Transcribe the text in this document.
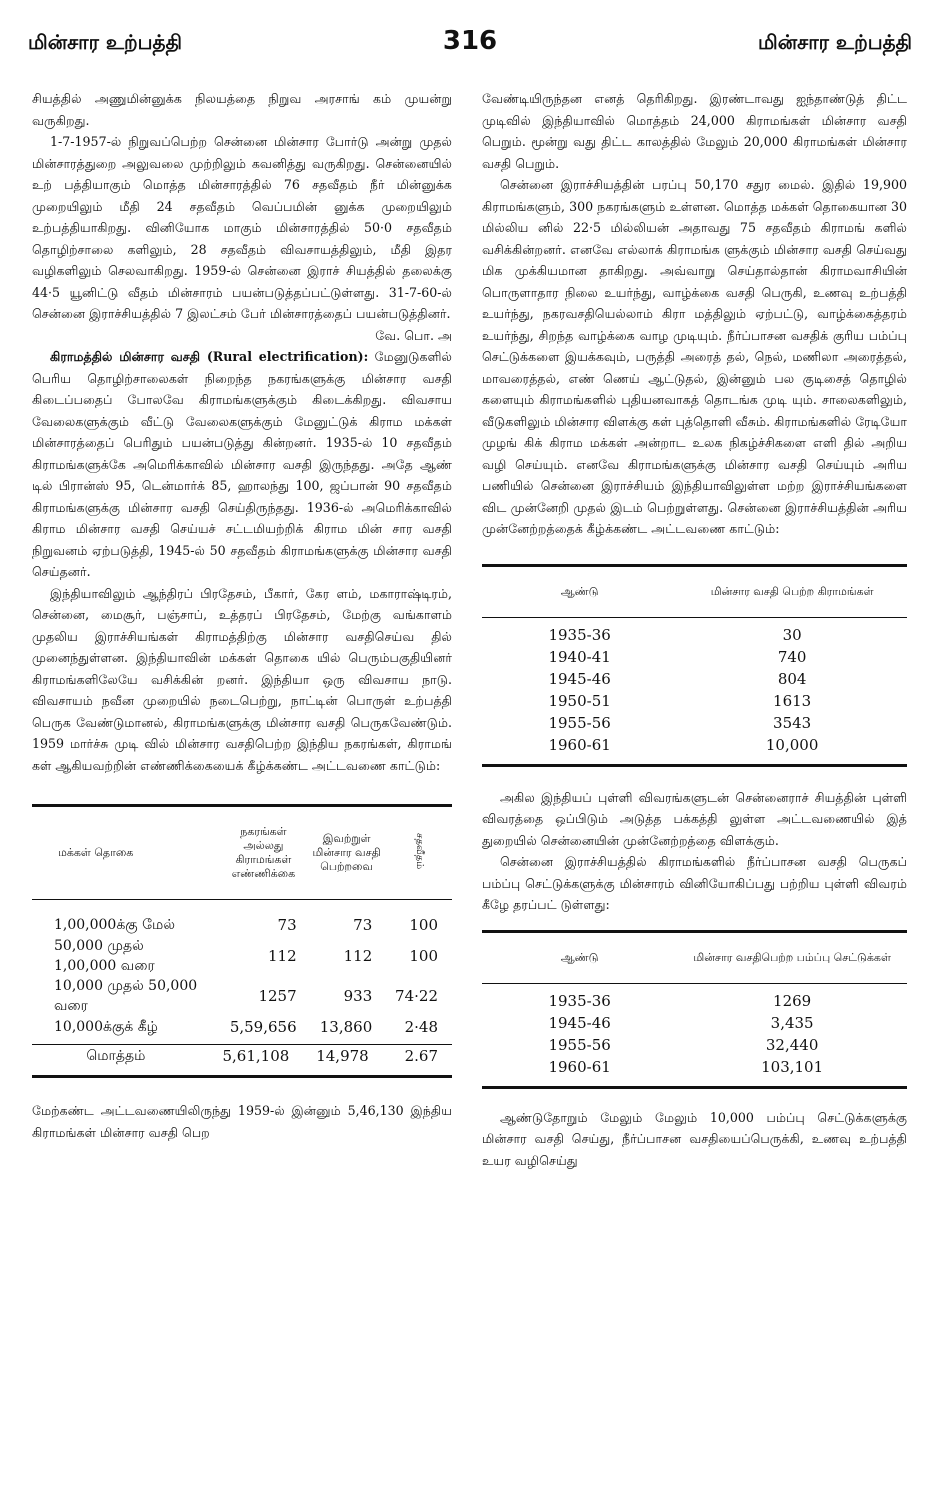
மின்சார உற்பத்தி	316	மின்சார உற்பத்தி

சியத்தில் அணுமின்னுக்க நிலயத்தை நிறுவ அரசாங் கம் முயன்று வருகிறது.

1-7-1957-ல் நிறுவப்பெற்ற சென்னை மின்சார போர்டு அன்று முதல் மின்சாரத்துறை அலுவலை முற்றிலும் கவனித்து வருகிறது. சென்னையில் உற் பத்தியாகும் மொத்த மின்சாரத்தில் 76 சதவீதம் நீர் மின்னுக்க முறையிலும் மீதி 24 சதவீதம் வெப்பமின் னுக்க முறையிலும் உற்பத்தியாகிறது. வினியோக மாகும் மின்சாரத்தில் 50·0 சதவீதம் தொழிற்சாலை களிலும், 28 சதவீதம் விவசாயத்திலும், மீதி இதர வழிகளிலும் செலவாகிறது. 1959-ல் சென்னை இராச் சியத்தில் தலைக்கு 44·5 யூனிட்டு வீதம் மின்சாரம் பயன்படுத்தப்பட்டுள்ளது. 31-7-60-ல் சென்னை இராச்சியத்தில் 7 இலட்சம் பேர் மின்சாரத்தைப் பயன்படுத்தினர்.

வே. பொ. அ

கிராமத்தில் மின்சார வசதி (Rural electrification): மேனுடுகளில் பெரிய தொழிற்சாலைகள் நிறைந்த நகரங்களுக்கு மின்சார வசதி கிடைப்பதைப் போலவே கிராமங்களுக்கும் கிடைக்கிறது. விவசாய வேலைகளுக்கும் வீட்டு வேலைகளுக்கும் மேனுட்டுக் கிராம மக்கள் மின்சாரத்தைப் பெரிதும் பயன்படுத்து கின்றனர். 1935-ல் 10 சதவீதம் கிராமங்களுக்கே அமெரிக்காவில் மின்சார வசதி இருந்தது. அதே ஆண் டில் பிரான்ஸ் 95, டென்மார்க் 85, ஹாலந்து 100, ஜப்பான் 90 சதவீதம் கிராமங்களுக்கு மின்சார வசதி செய்திருந்தது. 1936-ல் அமெரிக்காவில் கிராம மின்சார வசதி செய்யச் சட்டமியற்றிக் கிராம மின் சார வசதி நிறுவனம் ஏற்படுத்தி, 1945-ல் 50 சதவீதம் கிராமங்களுக்கு மின்சார வசதி செய்தனர்.

இந்தியாவிலும் ஆந்திரப் பிரதேசம், பீகார், கேர ளம், மகாராஷ்டிரம், சென்னை, மைசூர், பஞ்சாப், உத்தரப் பிரதேசம், மேற்கு வங்காளம் முதலிய இராச்சியங்கள் கிராமத்திற்கு மின்சார வசதிசெய்வ தில் முனைந்துள்ளன. இந்தியாவின் மக்கள் தொகை யில் பெரும்பகுதியினர் கிராமங்களிலேயே வசிக்கின் றனர். இந்தியா ஒரு விவசாய நாடு. விவசாயம் நவீன முறையில் நடைபெற்று, நாட்டின் பொருள் உற்பத்தி பெருக வேண்டுமானல், கிராமங்களுக்கு மின்சார வசதி பெருகவேண்டும். 1959 மார்ச்சு முடி வில் மின்சார வசதிபெற்ற இந்திய நகரங்கள், கிராமங் கள் ஆகியவற்றின் எண்ணிக்கையைக் கீழ்க்கண்ட அட்டவணை காட்டும்:

மக்கள் தொகை	நகரங்கள் அல்லது கிராமங்கள் எண்ணிக்கை	இவற்றுள் மின்சார வசதி பெற்றவை	சதவீதம்
1,00,000க்கு மேல்	73	73	100
50,000 முதல் 1,00,000 வரை	112	112	100
10,000 முதல் 50,000 வரை	1257	933	74·22
10,000க்குக் கீழ்	5,59,656	13,860	2·48
மொத்தம்	5,61,108	14,978	2.67

மேற்கண்ட அட்டவணையிலிருந்து 1959-ல் இன்னும் 5,46,130 இந்திய கிராமங்கள் மின்சார வசதி பெற

வேண்டியிருந்தன எனத் தெரிகிறது. இரண்டாவது ஐந்தாண்டுத் திட்ட முடிவில் இந்தியாவில் மொத்தம் 24,000 கிராமங்கள் மின்சார வசதி பெறும். மூன்று வது திட்ட காலத்தில் மேலும் 20,000 கிராமங்கள் மின்சார வசதி பெறும்.

சென்னை இராச்சியத்தின் பரப்பு 50,170 சதுர மைல். இதில் 19,900 கிராமங்களும், 300 நகரங்களும் உள்ளன. மொத்த மக்கள் தொகையான 30 மில்லிய னில் 22·5 மில்லியன் அதாவது 75 சதவீதம் கிராமங் களில் வசிக்கின்றனர். எனவே எல்லாக் கிராமங்க ளுக்கும் மின்சார வசதி செய்வது மிக முக்கியமான தாகிறது. அவ்வாறு செய்தால்தான் கிராமவாசியின் பொருளாதார நிலை உயர்ந்து, வாழ்க்கை வசதி பெருகி, உணவு உற்பத்தி உயர்ந்து, நகரவசதியெல்லாம் கிரா மத்திலும் ஏற்பட்டு, வாழ்க்கைத்தரம் உயர்ந்து, சிறந்த வாழ்க்கை வாழ முடியும். நீர்ப்பாசன வசதிக் குரிய பம்ப்பு செட்டுக்களை இயக்கவும், பருத்தி அரைத் தல், நெல், மணிலா அரைத்தல், மாவரைத்தல், எண் ணெய் ஆட்டுதல், இன்னும் பல குடிசைத் தொழில் களையும் கிராமங்களில் புதியனவாகத் தொடங்க முடி யும். சாலைகளிலும், வீடுகளிலும் மின்சார விளக்கு கள் புத்தொளி வீசும். கிராமங்களில் ரேடியோ முழங் கிக் கிராம மக்கள் அன்றாட உலக நிகழ்ச்சிகளை எளி தில் அறிய வழி செய்யும். எனவே கிராமங்களுக்கு மின்சார வசதி செய்யும் அரிய பணியில் சென்னை இராச்சியம் இந்தியாவிலுள்ள மற்ற இராச்சியங்களை விட முன்னேறி முதல் இடம் பெற்றுள்ளது. சென்னை இராச்சியத்தின் அரிய முன்னேற்றத்தைக் கீழ்க்கண்ட அட்டவணை காட்டும்:

ஆண்டு	மின்சார வசதி பெற்ற கிராமங்கள்
1935-36	30
1940-41	740
1945-46	804
1950-51	1613
1955-56	3543
1960-61	10,000

அகில இந்தியப் புள்ளி விவரங்களுடன் சென்னைராச் சியத்தின் புள்ளி விவரத்தை ஒப்பிடும் அடுத்த பக்கத்தி லுள்ள அட்டவணையில் இத் துறையில் சென்னையின் முன்னேற்றத்தை விளக்கும்.

சென்னை இராச்சியத்தில் கிராமங்களில் நீர்ப்பாசன வசதி பெருகப் பம்ப்பு செட்டுக்களுக்கு மின்சாரம் வினியோகிப்பது பற்றிய புள்ளி விவரம் கீழே தரப்பட் டுள்ளது:

ஆண்டு	மின்சார வசதிபெற்ற பம்ப்பு செட்டுக்கள்
1935-36	1269
1945-46	3,435
1955-56	32,440
1960-61	103,101

ஆண்டுதோறும் மேலும் மேலும் 10,000 பம்ப்பு செட்டுக்களுக்கு மின்சார வசதி செய்து, நீர்ப்பாசன வசதியைப்பெருக்கி, உணவு உற்பத்தி உயர வழிசெய்து
